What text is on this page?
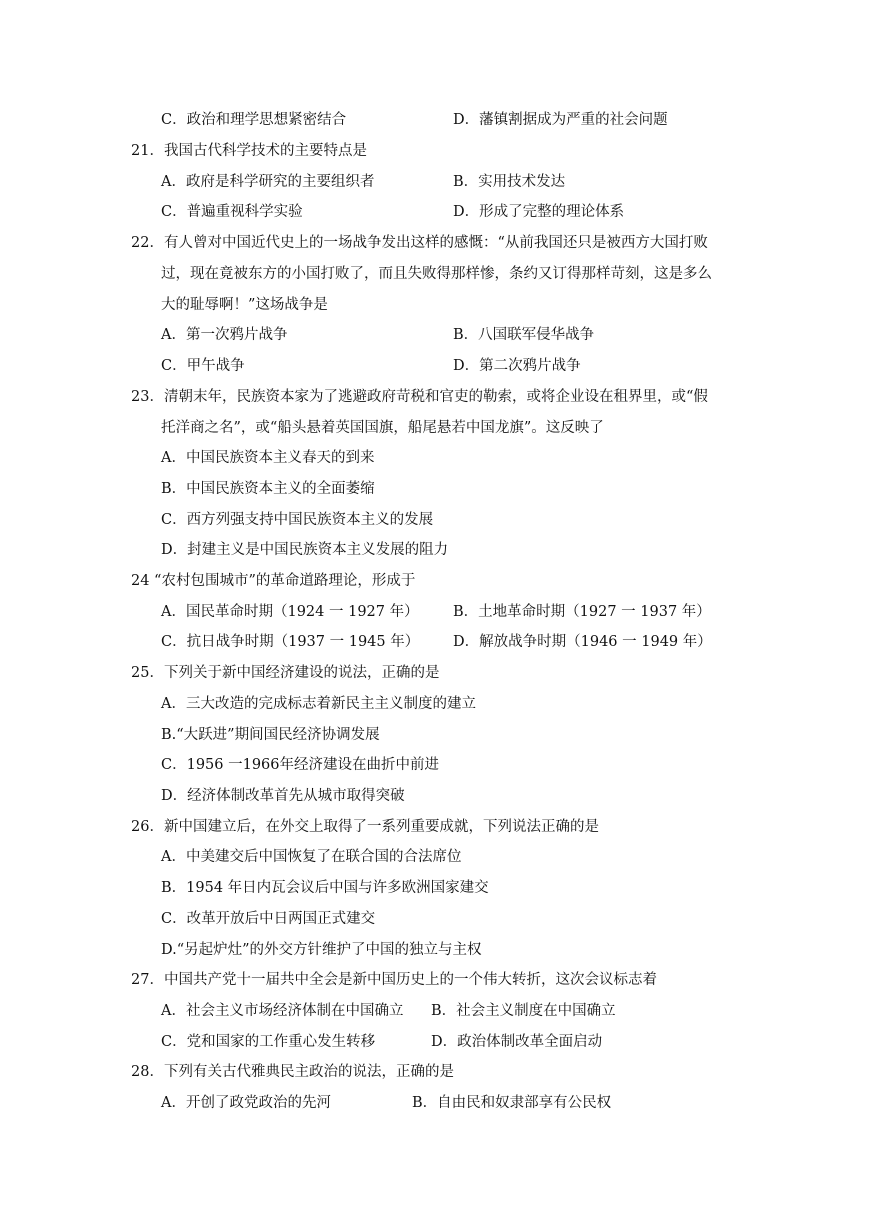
C．政治和理学思想紧密结合	D．藩镇割据成为严重的社会问题
21．我国古代科学技术的主要特点是
A．政府是科学研究的主要组织者	B．实用技术发达
C．普遍重视科学实验	D．形成了完整的理论体系
22．有人曾对中国近代史上的一场战争发出这样的感慨：“从前我国还只是被西方大国打败
过，现在竟被东方的小国打败了，而且失败得那样惨，条约又订得那样苛刻，这是多么
大的耻辱啊！”这场战争是
A．第一次鸦片战争	B．八国联军侵华战争
C．甲午战争	D．第二次鸦片战争
23．清朝末年，民族资本家为了逃避政府苛税和官吏的勒索，或将企业设在租界里，或“假
托洋商之名”，或“船头悬着英国国旗，船尾悬若中国龙旗”。这反映了
A．中国民族资本主义春天的到来
B．中国民族资本主义的全面萎缩
C．西方列强支持中国民族资本主义的发展
D．封建主义是中国民族资本主义发展的阻力
24 “农村包围城市”的革命道路理论，形成于
A．国民革命时期（1924 一 1927 年） B．土地革命时期（1927 一 1937 年）
C．抗日战争时期（1937 一 1945 年） D．解放战争时期（1946 一 1949 年）
25．下列关于新中国经济建设的说法，正确的是
A．三大改造的完成标志着新民主主义制度的建立
B.“大跃进”期间国民经济协调发展
C．1956 一1966年经济建设在曲折中前进
D．经济体制改革首先从城市取得突破
26．新中国建立后，在外交上取得了一系列重要成就，下列说法正确的是
A．中美建交后中国恢复了在联合国的合法席位
B．1954 年日内瓦会议后中国与许多欧洲国家建交
C．改革开放后中日两国正式建交
D.“另起炉灶”的外交方针维护了中国的独立与主权
27．中国共产党十一届共中全会是新中国历史上的一个伟大转折，这次会议标志着
A．社会主义市场经济体制在中国确立 B．社会主义制度在中国确立
C．党和国家的工作重心发生转移	D．政治体制改革全面启动
28．下列有关古代雅典民主政治的说法，正确的是
A．开创了政党政治的先河	B．自由民和奴隶部享有公民权
